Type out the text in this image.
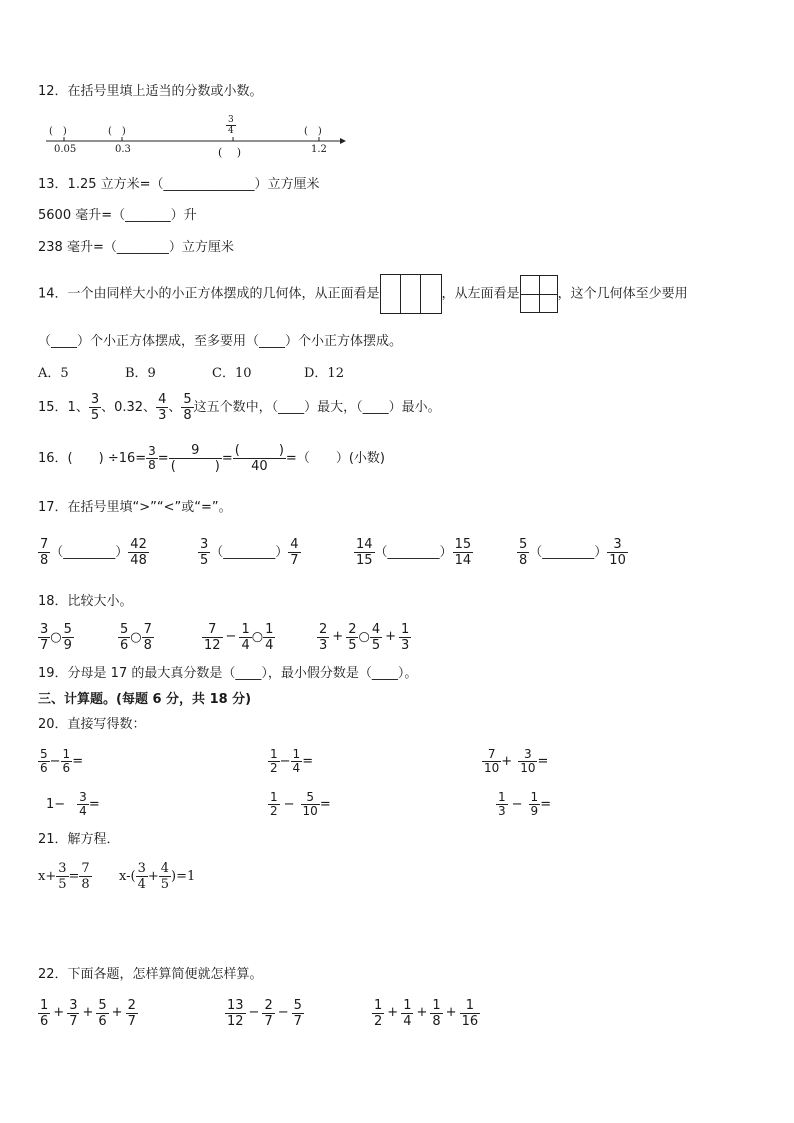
12．在括号里填上适当的分数或小数。
(　)	(　)	(　)
0.05	0.3	1.2
3
4
(　 )
13．1.25 立方米=（______________）立方厘米
5600 毫升=（_______）升
238 毫升=（________）立方厘米
14．一个由同样大小的小正方体摆成的几何体，从正面看是	，从左面看是	，这个几何体至少要用
（____）个小正方体摆成，至多要用（____）个小正方体摆成。
A．5	B．9	C．10	D．12
15．1、 $\frac{3}{5}$ 、0.32、 $\frac{4}{3}$ 、 $\frac{5}{8}$ 这五个数中，（____）最大，（____）最小。
16．(　　) $\div 16= \frac{3}{8}$ =
9
(　　　)
=
(　　　)
40
=（　　）(小数)
17．在括号里填“>”“<”或“=”。
$\frac{7}{8}$ （________） $\frac{42}{48}$	$\frac{3}{5}$ （________） $\frac{4}{7}$	$\frac{14}{15}$ （________） $\frac{15}{14}$	$\frac{5}{8}$ （________） $\frac{3}{10}$
18．比较大小。
$\frac{3}{7}$ ○ $\frac{5}{9}$	$\frac{5}{6}$ ○ $\frac{7}{8}$	$\frac{7}{12} - \frac{1}{4}$ ○ $\frac{1}{4}$	$\frac{2}{3} + \frac{2}{5}$ ○ $\frac{4}{5} + \frac{1}{3}$
19．分母是 17 的最大真分数是（____），最小假分数是（____）。
三、计算题。(每题 6 分，共 18 分)
20．直接写得数：
$\frac{5}{6} - \frac{1}{6}$ =	$\frac{1}{2} - \frac{1}{4}$ =	$\frac{7}{10} + \frac{3}{10}$ =
$1- \frac{3}{4}$ =	$\frac{1}{2} - \frac{5}{10}$ =	$\frac{1}{3} - \frac{1}{9}$ =
21．解方程．
$x+ \frac{3}{5} = \frac{7}{8} x-( \frac{3}{4} + \frac{4}{5} )=1$
22．下面各题，怎样算简便就怎样算。
$\frac{1}{6} + \frac{3}{7} + \frac{5}{6} + \frac{2}{7}$	$\frac{13}{12} - \frac{2}{7} - \frac{5}{7}$	$\frac{1}{2} + \frac{1}{4} + \frac{1}{8} + \frac{1}{16}$
